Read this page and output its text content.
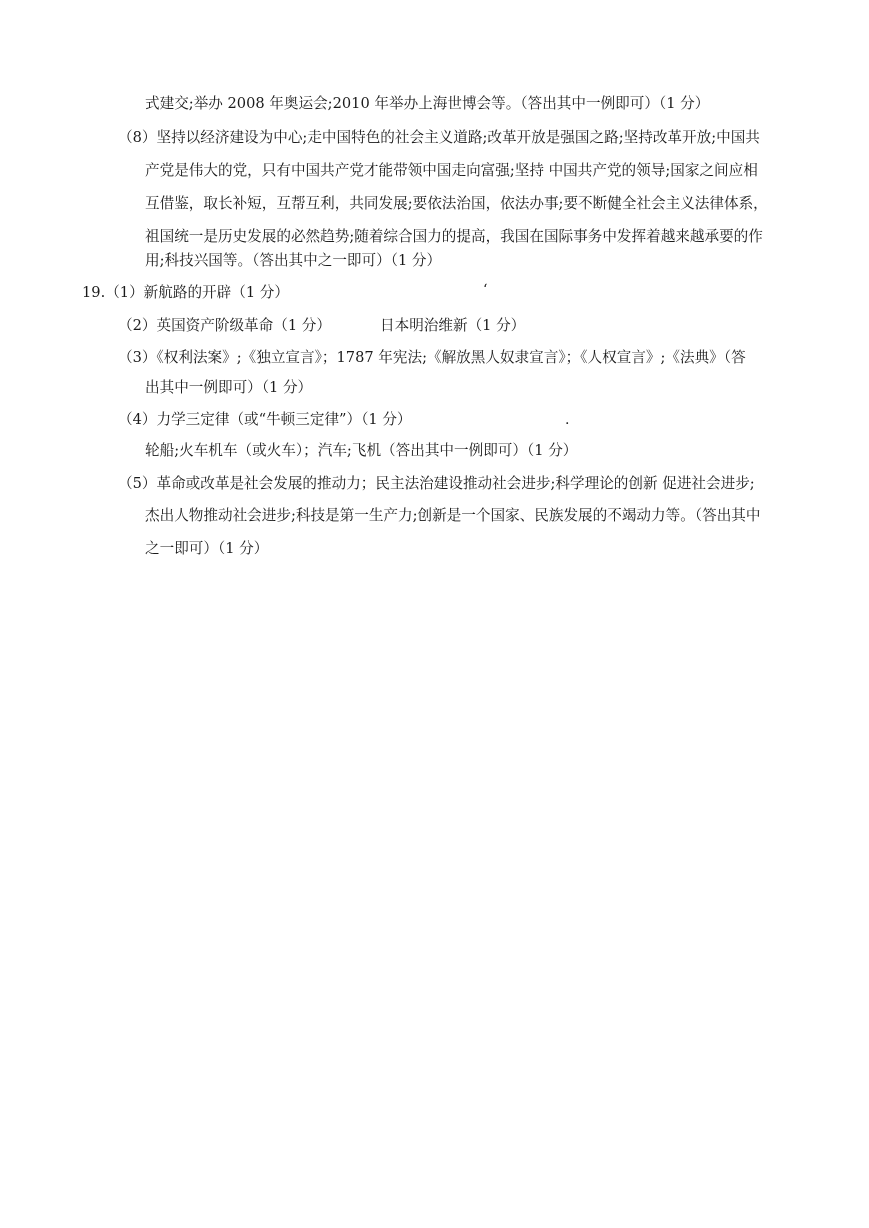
式建交;举办 2008 年奥运会;2010 年举办上海世博会等。（答出其中一例即可）（1 分）
（8）坚持以经济建设为中心;走中国特色的社会主义道路;改革开放是强国之路;坚持改革开放;中国共
产党是伟大的党，只有中国共产党才能带领中国走向富强;坚持 中国共产党的领导;国家之间应相
互借鉴，取长补短，互帮互利，共同发展;要依法治国，依法办事;要不断健全社会主义法律体系，
祖国统一是历史发展的必然趋势;随着综合国力的提高，我国在国际事务中发挥着越来越承要的作
用;科技兴国等。（答出其中之一即可）（1 分）
19.（1）新航路的开辟（1 分）	‘
（2）英国资产阶级革命（1 分）	日本明治维新（1 分）
（3）《权利法案》;《独立宣言》；1787 年宪法;《解放黑人奴隶宣言》；《人权宣言》;《法典》（答
出其中一例即可）（1 分）
（4）力学三定律（或“牛顿三定律”）（1 分）	.
轮船;火车机车（或火车）；汽车;飞机（答出其中一例即可）（1 分）
（5）革命或改革是社会发展的推动力；民主法治建设推动社会进步;科学理论的创新 促进社会进步;
杰出人物推动社会进步;科技是第一生产力;创新是一个国家、民族发展的不竭动力等。（答出其中
之一即可）（1 分）
